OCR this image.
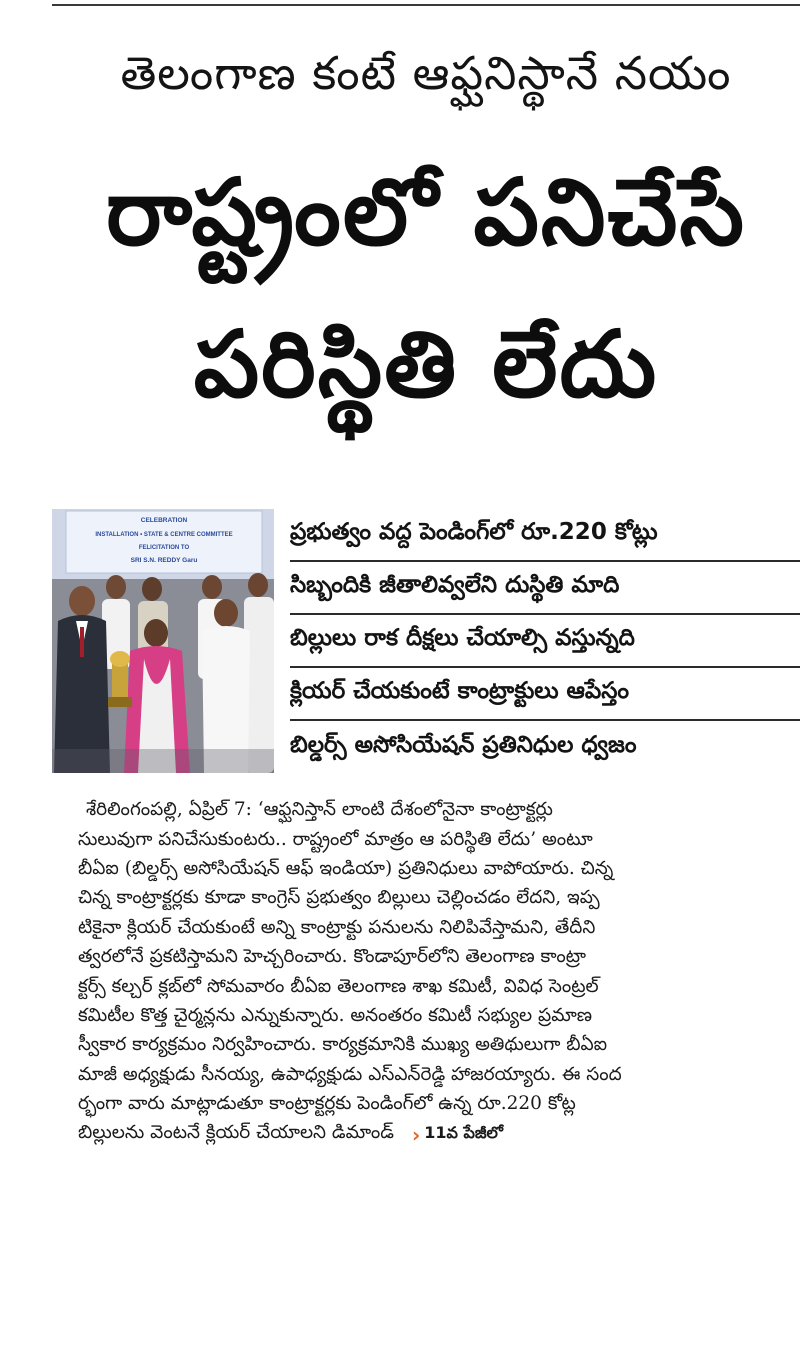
తెలంగాణ కంటే ఆఫ్ఘనిస్థానే నయం
రాష్ట్రంలో పనిచేసే
పరిస్థితి లేదు
CELEBRATION
INSTALLATION • STATE & CENTRE COMMITTEE
FELICITATION TO
SRI S.N. REDDY Garu
ప్రభుత్వం వద్ద పెండింగ్‌లో రూ.220 కోట్లు
సిబ్బందికి జీతాలివ్వలేని దుస్థితి మాది
బిల్లులు రాక దీక్షలు చేయాల్సి వస్తున్నది
క్లియర్ చేయకుంటే కాంట్రాక్టులు ఆపేస్తం
బిల్డర్స్ అసోసియేషన్ ప్రతినిధుల ధ్వజం
శేరిలింగంపల్లి, ఏప్రిల్ 7: ‘ఆఫ్ఘనిస్తాన్ లాంటి దేశంలోనైనా కాంట్రాక్టర్లు
సులువుగా పనిచేసుకుంటరు.. రాష్ట్రంలో మాత్రం ఆ పరిస్థితి లేదు’ అంటూ
బీఏఐ (బిల్డర్స్ అసోసియేషన్ ఆఫ్ ఇండియా) ప్రతినిధులు వాపోయారు. చిన్న
చిన్న కాంట్రాక్టర్లకు కూడా కాంగ్రెస్ ప్రభుత్వం బిల్లులు చెల్లించడం లేదని, ఇప్ప
టికైనా క్లియర్ చేయకుంటే అన్ని కాంట్రాక్టు పనులను నిలిపివేస్తామని, తేదీని
త్వరలోనే ప్రకటిస్తామని హెచ్చరించారు. కొండాపూర్‌లోని తెలంగాణ కాంట్రా
క్టర్స్ కల్చర్ క్లబ్‌లో సోమవారం బీఏఐ తెలంగాణ శాఖ కమిటీ, వివిధ సెంట్రల్
కమిటీల కొత్త చైర్మన్లను ఎన్నుకున్నారు. అనంతరం కమిటీ సభ్యుల ప్రమాణ
స్వీకార కార్యక్రమం నిర్వహించారు. కార్యక్రమానికి ముఖ్య అతిథులుగా బీఏఐ
మాజీ అధ్యక్షుడు సీనయ్య, ఉపాధ్యక్షుడు ఎస్ఎన్‌రెడ్డి హాజరయ్యారు. ఈ సంద
ర్భంగా వారు మాట్లాడుతూ కాంట్రాక్టర్లకు పెండింగ్‌లో ఉన్న రూ.220 కోట్ల
బిల్లులను వెంటనే క్లియర్ చేయాలని డిమాండ్ › 11వ పేజీలో
